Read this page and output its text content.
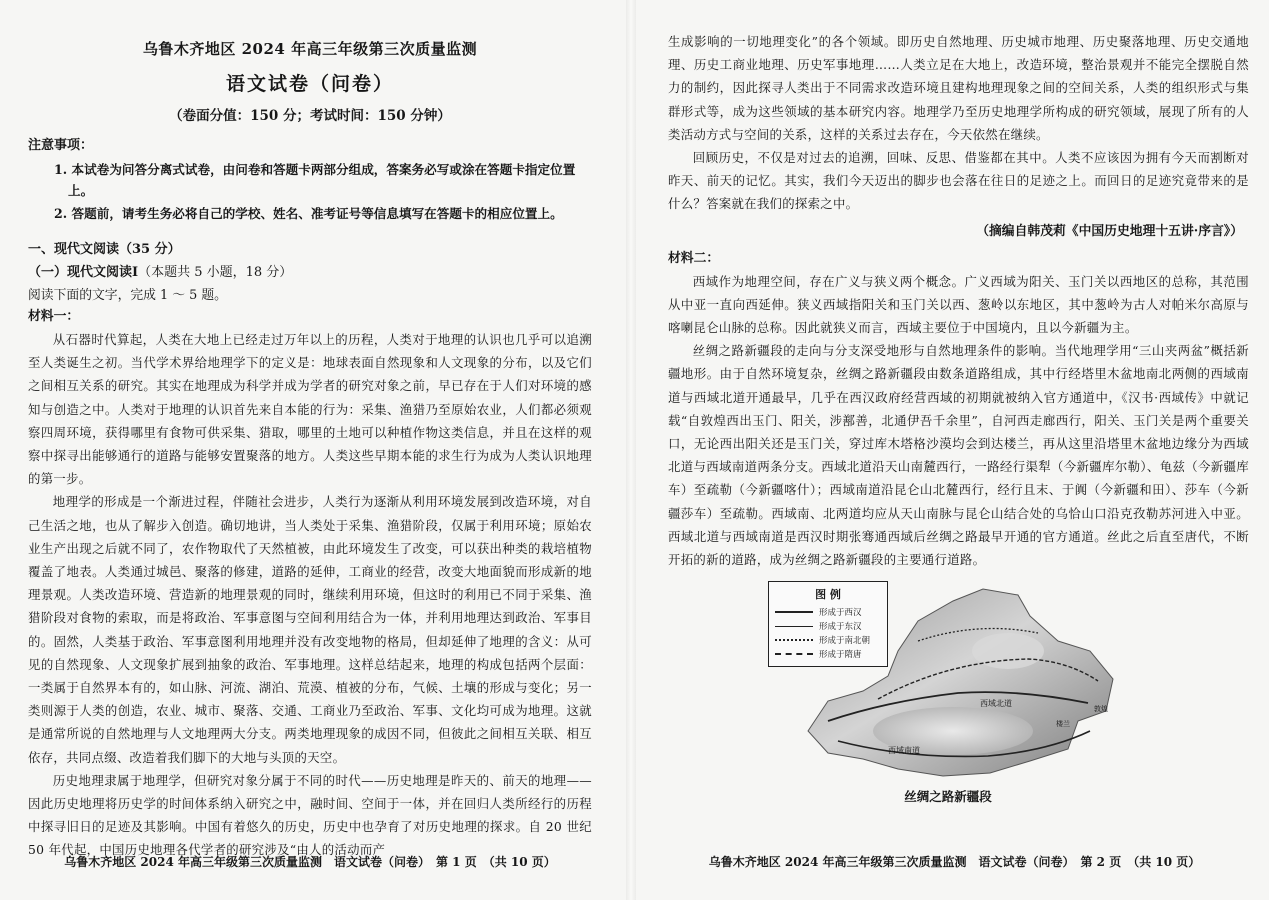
乌鲁木齐地区 2024 年高三年级第三次质量监测
语文试卷（问卷）
（卷面分值：150 分；考试时间：150 分钟）
注意事项：
1. 本试卷为问答分离式试卷，由问卷和答题卡两部分组成，答案务必写或涂在答题卡指定位置上。
2. 答题前，请考生务必将自己的学校、姓名、准考证号等信息填写在答题卡的相应位置上。
一、现代文阅读（35 分）
（一）现代文阅读Ⅰ（本题共 5 小题，18 分）
阅读下面的文字，完成 1 ～ 5 题。
材料一：

从石器时代算起，人类在大地上已经走过万年以上的历程，人类对于地理的认识也几乎可以追溯至人类诞生之初。当代学术界给地理学下的定义是：地球表面自然现象和人文现象的分布，以及它们之间相互关系的研究。其实在地理成为科学并成为学者的研究对象之前，早已存在于人们对环境的感知与创造之中。人类对于地理的认识首先来自本能的行为：采集、渔猎乃至原始农业，人们都必须观察四周环境，获得哪里有食物可供采集、猎取，哪里的土地可以种植作物这类信息，并且在这样的观察中探寻出能够通行的道路与能够安置聚落的地方。人类这些早期本能的求生行为成为人类认识地理的第一步。

地理学的形成是一个渐进过程，伴随社会进步，人类行为逐渐从利用环境发展到改造环境，对自己生活之地，也从了解步入创造。确切地讲，当人类处于采集、渔猎阶段，仅属于利用环境；原始农业生产出现之后就不同了，农作物取代了天然植被，由此环境发生了改变，可以获出种类的栽培植物覆盖了地表。人类通过城邑、聚落的修建，道路的延伸，工商业的经营，改变大地面貌而形成新的地理景观。人类改造环境、营造新的地理景观的同时，继续利用环境，但这时的利用已不同于采集、渔猎阶段对食物的索取，而是将政治、军事意图与空间利用结合为一体，并利用地理达到政治、军事目的。固然，人类基于政治、军事意图利用地理并没有改变地物的格局，但却延伸了地理的含义：从可见的自然现象、人文现象扩展到抽象的政治、军事地理。这样总结起来，地理的构成包括两个层面：一类属于自然界本有的，如山脉、河流、湖泊、荒漠、植被的分布，气候、土壤的形成与变化；另一类则源于人类的创造，农业、城市、聚落、交通、工商业乃至政治、军事、文化均可成为地理。这就是通常所说的自然地理与人文地理两大分支。两类地理现象的成因不同，但彼此之间相互关联、相互依存，共同点缀、改造着我们脚下的大地与头顶的天空。

历史地理隶属于地理学，但研究对象分属于不同的时代——历史地理是昨天的、前天的地理——因此历史地理将历史学的时间体系纳入研究之中，融时间、空间于一体，并在回归人类所经行的历程中探寻旧日的足迹及其影响。中国有着悠久的历史，历史中也孕育了对历史地理的探求。自 20 世纪 50 年代起，中国历史地理各代学者的研究涉及“由人的活动而产

乌鲁木齐地区 2024 年高三年级第三次质量监测　语文试卷（问卷）　第 1 页　（共 10 页）

生成影响的一切地理变化”的各个领域。即历史自然地理、历史城市地理、历史聚落地理、历史交通地理、历史工商业地理、历史军事地理……人类立足在大地上，改造环境，整治景观并不能完全摆脱自然力的制约，因此探寻人类出于不同需求改造环境且建构地理现象之间的空间关系，人类的组织形式与集群形式等，成为这些领域的基本研究内容。地理学乃至历史地理学所构成的研究领域，展现了所有的人类活动方式与空间的关系，这样的关系过去存在，今天依然在继续。

回顾历史，不仅是对过去的追溯，回味、反思、借鉴都在其中。人类不应该因为拥有今天而割断对昨天、前天的记忆。其实，我们今天迈出的脚步也会落在往日的足迹之上。而回日的足迹究竟带来的是什么？答案就在我们的探索之中。

（摘编自韩茂莉《中国历史地理十五讲·序言》）
材料二：

西域作为地理空间，存在广义与狭义两个概念。广义西域为阳关、玉门关以西地区的总称，其范围从中亚一直向西延伸。狭义西域指阳关和玉门关以西、葱岭以东地区，其中葱岭为古人对帕米尔高原与喀喇昆仑山脉的总称。因此就狭义而言，西域主要位于中国境内，且以今新疆为主。

丝绸之路新疆段的走向与分支深受地形与自然地理条件的影响。当代地理学用“三山夹两盆”概括新疆地形。由于自然环境复杂，丝绸之路新疆段由数条道路组成，其中行经塔里木盆地南北两侧的西域南道与西域北道开通最早，几乎在西汉政府经营西域的初期就被纳入官方通道中，《汉书·西域传》中就记载“自敦煌西出玉门、阳关，涉鄯善，北通伊吾千余里”，自河西走廊西行，阳关、玉门关是两个重要关口，无论西出阳关还是玉门关，穿过库木塔格沙漠均会到达楼兰，再从这里沿塔里木盆地边缘分为西域北道与西域南道两条分支。西域北道沿天山南麓西行，一路经行渠犁（今新疆库尔勒）、龟兹（今新疆库车）至疏勒（今新疆喀什）；西域南道沿昆仑山北麓西行，经行且末、于阗（今新疆和田）、莎车（今新疆莎车）至疏勒。西域南、北两道均应从天山南脉与昆仑山结合处的乌恰山口沿克孜勒苏河进入中亚。西域北道与西域南道是西汉时期张骞通西域后丝绸之路最早开通的官方通道。丝此之后直至唐代，不断开拓的新的道路，成为丝绸之路新疆段的主要通行道路。

西域北道
西域南道
楼兰
敦煌
图 例
形成于西汉
形成于东汉
形成于南北朝
形成于隋唐
丝绸之路新疆段
乌鲁木齐地区 2024 年高三年级第三次质量监测　语文试卷（问卷）　第 2 页　（共 10 页）
